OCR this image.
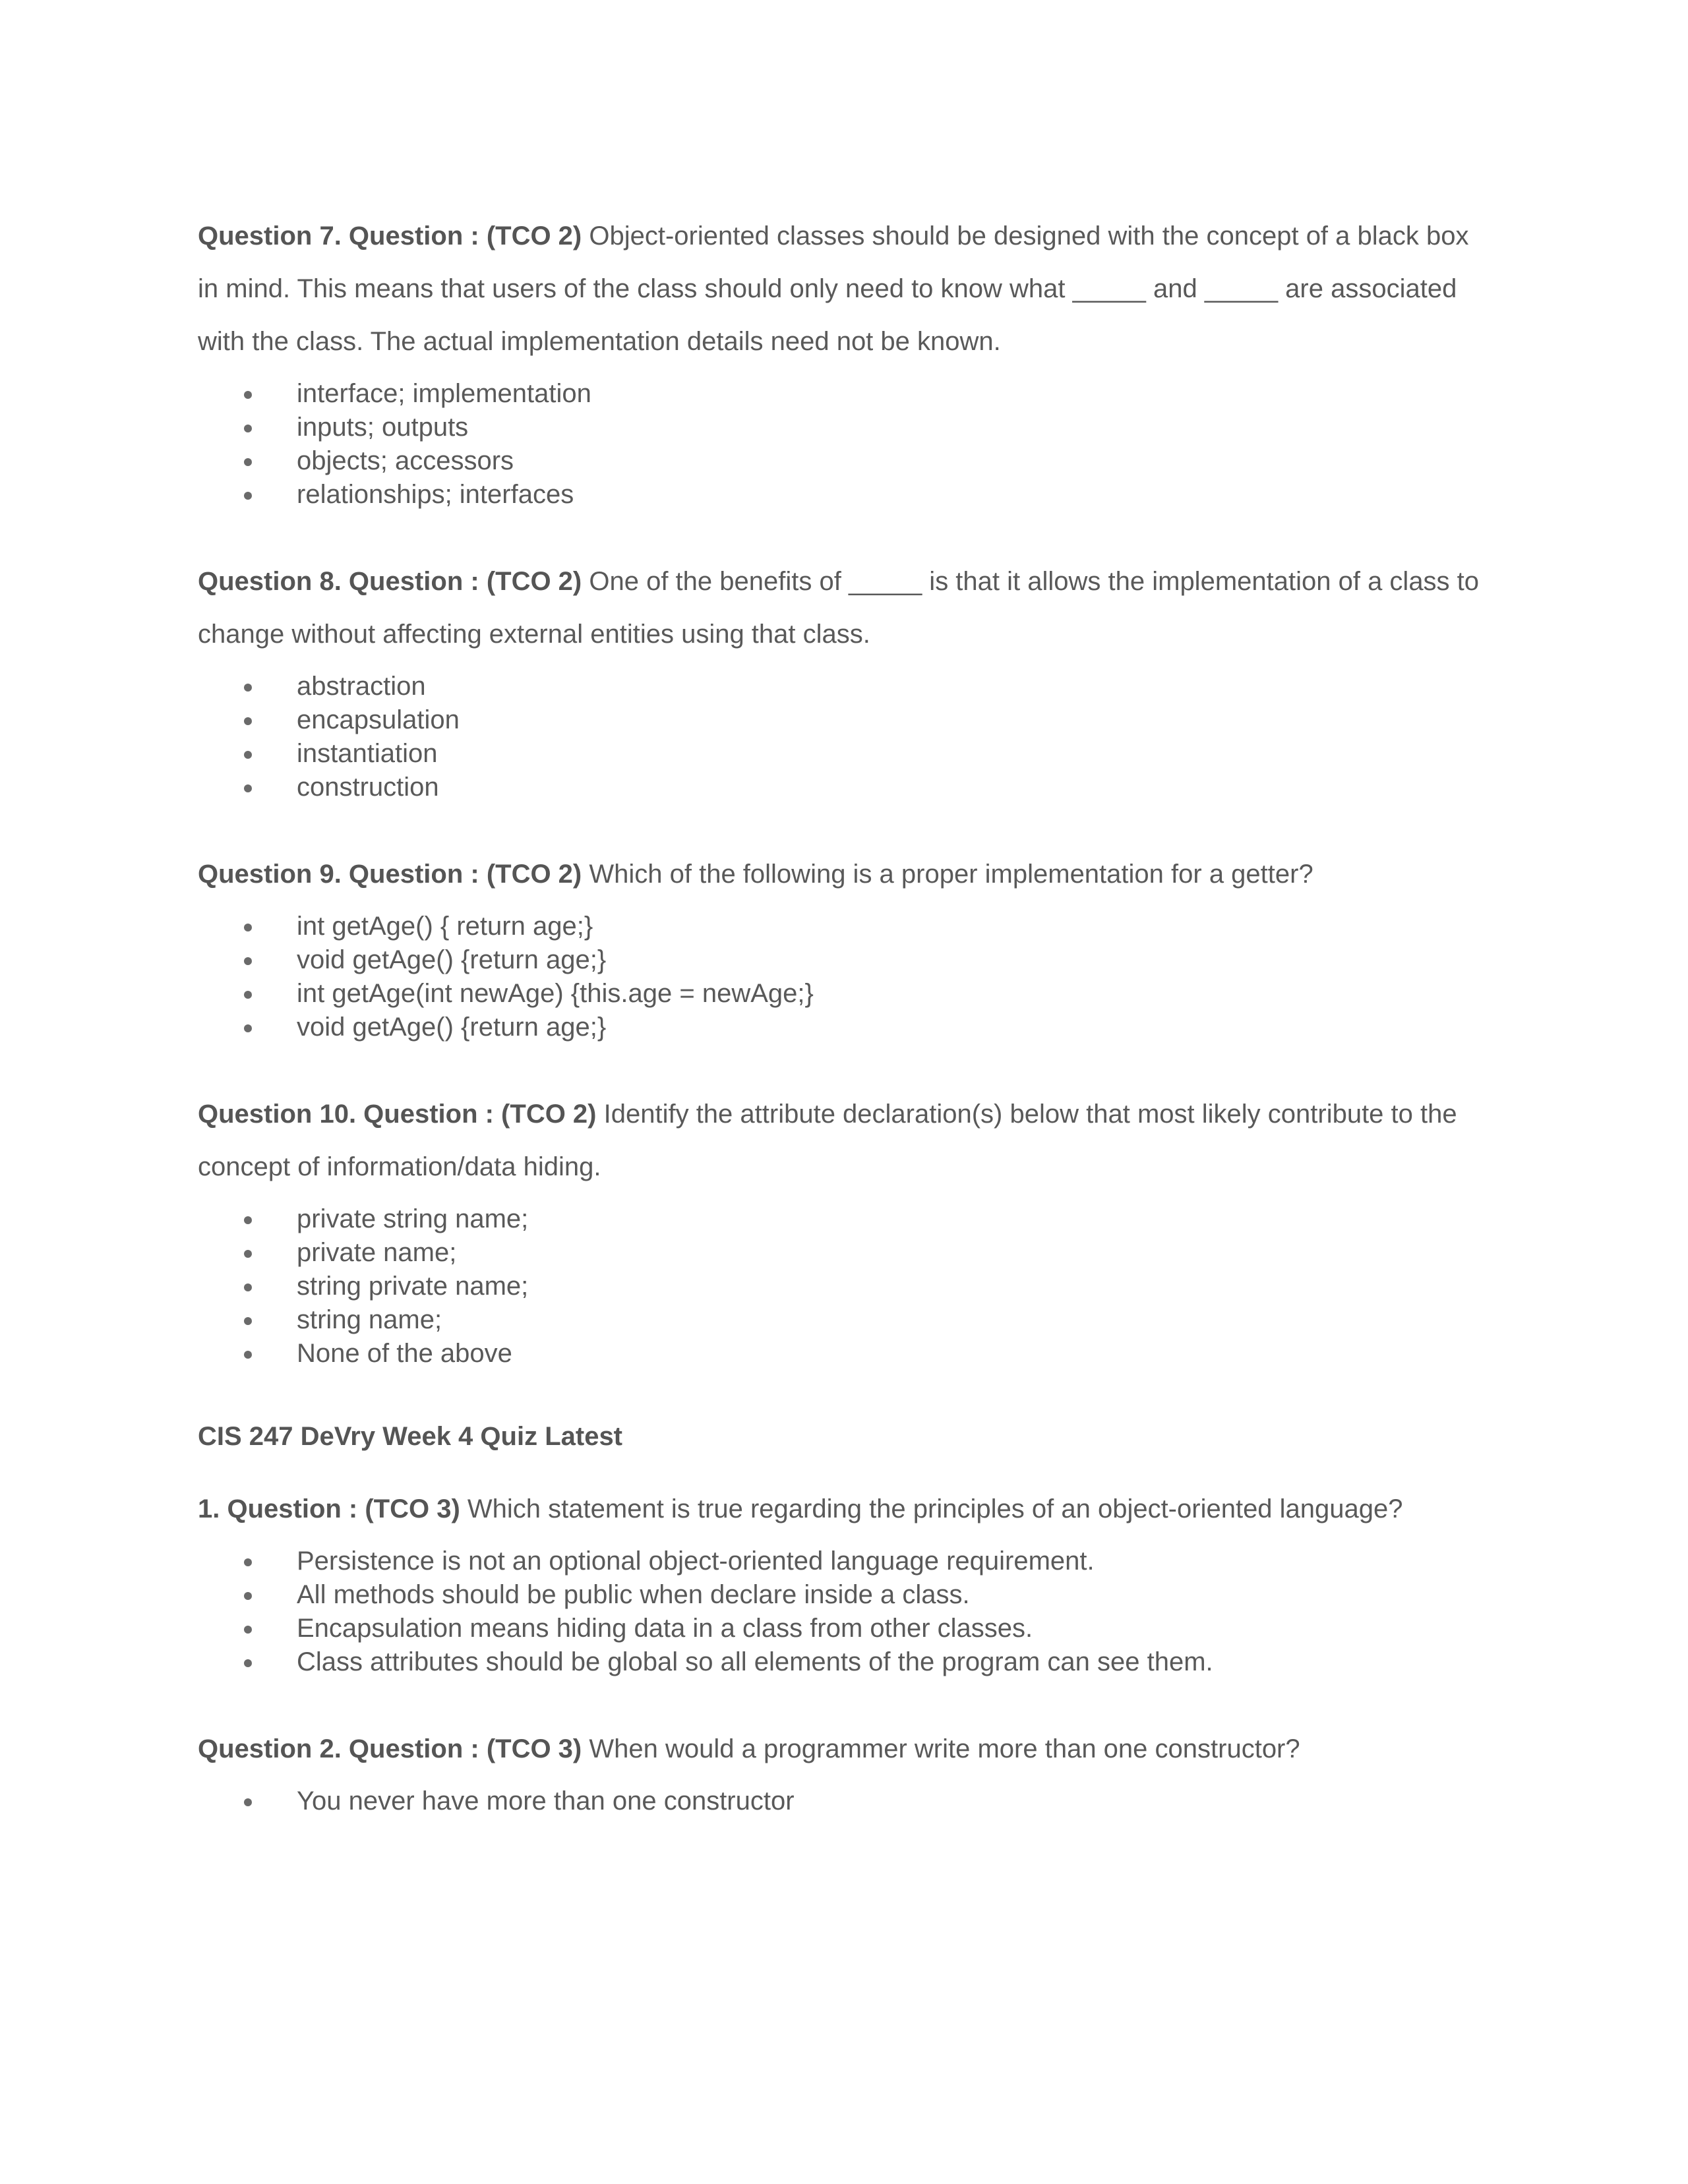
Question 7. Question : (TCO 2) Object-oriented classes should be designed with the concept of a black box in mind. This means that users of the class should only need to know what _____ and _____ are associated with the class. The actual implementation details need not be known.

interface; implementation
inputs; outputs
objects; accessors
relationships; interfaces

Question 8. Question : (TCO 2) One of the benefits of _____ is that it allows the implementation of a class to change without affecting external entities using that class.

abstraction
encapsulation
instantiation
construction

Question 9. Question : (TCO 2) Which of the following is a proper implementation for a getter?

int getAge() { return age;}
void getAge() {return age;}
int getAge(int newAge) {this.age = newAge;}
void getAge() {return age;}

Question 10. Question : (TCO 2) Identify the attribute declaration(s) below that most likely contribute to the concept of information/data hiding.

private string name;
private name;
string private name;
string name;
None of the above

CIS 247 DeVry Week 4 Quiz Latest

1. Question : (TCO 3) Which statement is true regarding the principles of an object-oriented language?

Persistence is not an optional object-oriented language requirement.
All methods should be public when declare inside a class.
Encapsulation means hiding data in a class from other classes.
Class attributes should be global so all elements of the program can see them.

Question 2. Question : (TCO 3) When would a programmer write more than one constructor?

You never have more than one constructor
